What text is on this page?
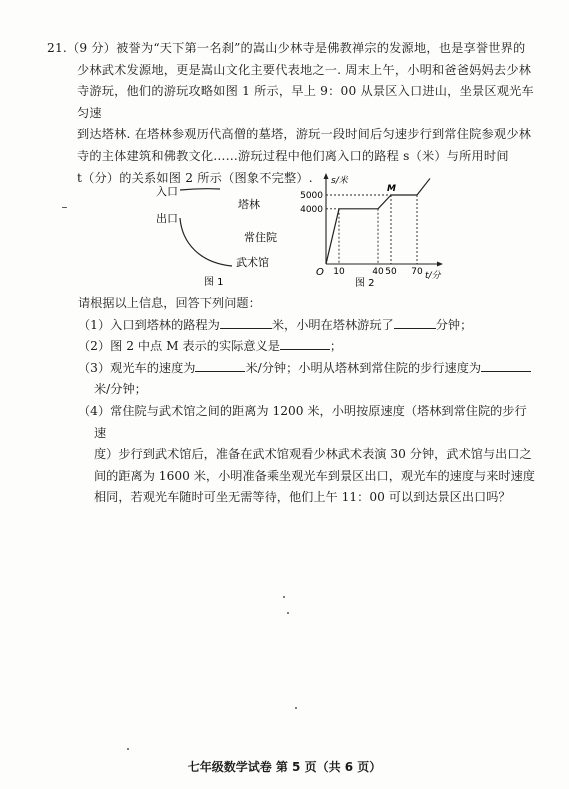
21.（9 分）被誉为“天下第一名刹”的嵩山少林寺是佛教禅宗的发源地，也是享誉世界的

少林武术发源地，更是嵩山文化主要代表地之一. 周末上午，小明和爸爸妈妈去少林

寺游玩，他们的游玩攻略如图 1 所示，早上 9：00 从景区入口进山，坐景区观光车匀速

到达塔林. 在塔林参观历代高僧的墓塔，游玩一段时间后匀速步行到常住院参观少林

寺的主体建筑和佛教文化……游玩过程中他们离入口的路程 s（米）与所用时间

t（分）的关系如图 2 所示（图象不完整）.

入口
出口
塔林
常住院
武术馆
图 1
s/米
t/分
O
4000
5000
10	40 50 70
M
图 2

请根据以上信息，回答下列问题：

（1）入口到塔林的路程为	米，小明在塔林游玩了	分钟；

（2）图 2 中点 M 表示的实际意义是	；

（3）观光车的速度为	米/分钟；小明从塔林到常住院的步行速度为

米/分钟；

（4）常住院与武术馆之间的距离为 1200 米，小明按原速度（塔林到常住院的步行速

度）步行到武术馆后，准备在武术馆观看少林武术表演 30 分钟，武术馆与出口之

间的距离为 1600 米，小明准备乘坐观光车到景区出口，观光车的速度与来时速度

相同，若观光车随时可坐无需等待，他们上午 11：00 可以到达景区出口吗？

七年级数学试卷 第 5 页（共 6 页）
